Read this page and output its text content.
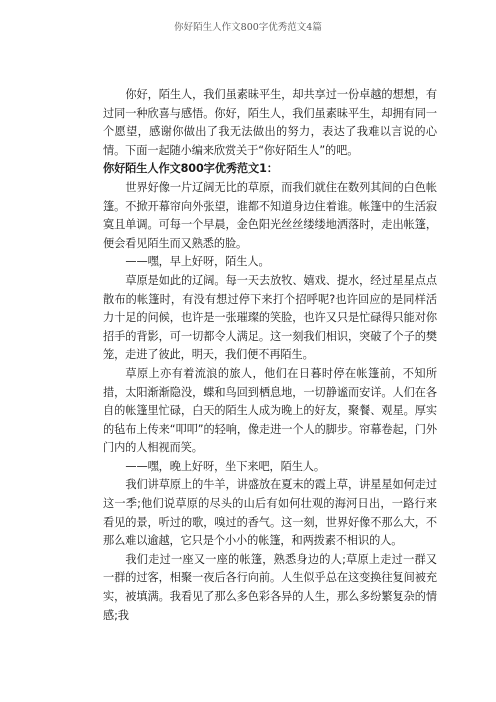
你好陌生人作文800字优秀范文4篇

你好，陌生人，我们虽素昧平生，却共享过一份卓越的想想，有过同一种欣喜与感悟。你好，陌生人，我们虽素昧平生，却拥有同一个愿望，感谢你做出了我无法做出的努力，表达了我难以言说的心情。下面一起随小编来欣赏关于“你好陌生人”的吧。

你好陌生人作文800字优秀范文1：

世界好像一片辽阔无比的草原，而我们就住在数列其间的白色帐篷。不掀开幕帘向外张望，谁都不知道身边住着谁。帐篷中的生活寂寞且单调。可每一个早晨，金色阳光丝丝缕缕地洒落时，走出帐篷，便会看见陌生而又熟悉的脸。

——嘿，早上好呀，陌生人。

草原是如此的辽阔。每一天去放牧、嬉戏、提水，经过星星点点散布的帐篷时，有没有想过停下来打个招呼呢?也许回应的是同样活力十足的问候，也许是一张璀璨的笑脸，也许又只是忙碌得只能对你招手的背影，可一切都令人满足。这一刻我们相识，突破了个子的樊笼，走进了彼此，明天，我们便不再陌生。

草原上亦有着流浪的旅人，他们在日暮时停在帐篷前，不知所措，太阳渐渐隐没，蝶和鸟回到栖息地，一切静谧而安详。人们在各自的帐篷里忙碌，白天的陌生人成为晚上的好友，聚餐、观星。厚实的毡布上传来“叩叩”的轻响，像走进一个人的脚步。帘幕卷起，门外门内的人相视而笑。

——嘿，晚上好呀，坐下来吧，陌生人。

我们讲草原上的牛羊，讲盛放在夏末的霞上草，讲星星如何走过这一季;他们说草原的尽头的山后有如何壮观的海河日出，一路行来看见的景，听过的歌，嗅过的香气。这一刻，世界好像不那么大，不那么难以逾越，它只是个小小的帐篷，和两拨素不相识的人。

我们走过一座又一座的帐篷，熟悉身边的人;草原上走过一群又一群的过客，相聚一夜后各行向前。人生似乎总在这变换往复间被充实，被填满。我看见了那么多色彩各异的人生，那么多纷繁复杂的情感;我
